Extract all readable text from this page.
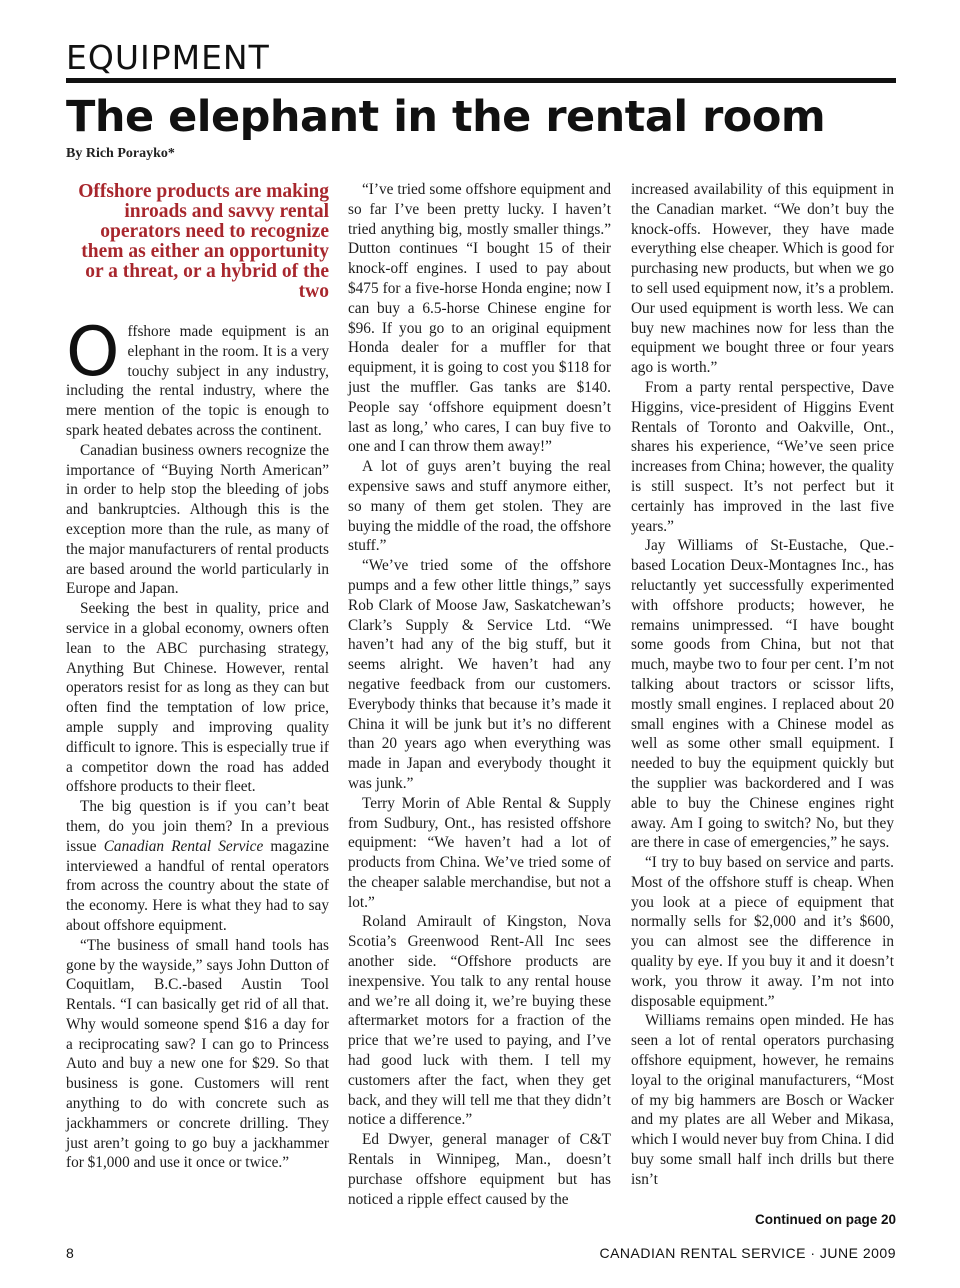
EQUIPMENT
The elephant in the rental room
By Rich Porayko*
Offshore products are making inroads and savvy rental operators need to recognize them as either an opportunity or a threat, or a hybrid of the two

Offshore made equipment is an elephant in the room. It is a very touchy subject in any industry, including the rental industry, where the mere mention of the topic is enough to spark heated debates across the continent.

Canadian business owners recognize the importance of “Buying North American” in order to help stop the bleeding of jobs and bankruptcies. Although this is the exception more than the rule, as many of the major manufacturers of rental products are based around the world particularly in Europe and Japan.

Seeking the best in quality, price and service in a global economy, owners often lean to the ABC purchasing strategy, Anything But Chinese. However, rental operators resist for as long as they can but often find the temptation of low price, ample supply and improving quality difficult to ignore. This is especially true if a competitor down the road has added offshore products to their fleet.

The big question is if you can’t beat them, do you join them? In a previous issue Canadian Rental Service magazine interviewed a handful of rental operators from across the country about the state of the economy. Here is what they had to say about offshore equipment.

“The business of small hand tools has gone by the wayside,” says John Dutton of Coquitlam, B.C.-based Austin Tool Rentals. “I can basically get rid of all that. Why would someone spend $16 a day for a reciprocating saw? I can go to Princess Auto and buy a new one for $29. So that business is gone. Customers will rent anything to do with concrete such as jackhammers or concrete drilling. They just aren’t going to go buy a jackhammer for $1,000 and use it once or twice.”

“I’ve tried some offshore equipment and so far I’ve been pretty lucky. I haven’t tried anything big, mostly smaller things.” Dutton continues “I bought 15 of their knock-off engines. I used to pay about $475 for a five-horse Honda engine; now I can buy a 6.5-horse Chinese engine for $96. If you go to an original equipment Honda dealer for a muffler for that equipment, it is going to cost you $118 for just the muffler. Gas tanks are $140. People say ‘offshore equipment doesn’t last as long,’ who cares, I can buy five to one and I can throw them away!”

A lot of guys aren’t buying the real expensive saws and stuff anymore either, so many of them get stolen. They are buying the middle of the road, the offshore stuff.”

“We’ve tried some of the offshore pumps and a few other little things,” says Rob Clark of Moose Jaw, Saskatchewan’s Clark’s Supply & Service Ltd. “We haven’t had any of the big stuff, but it seems alright. We haven’t had any negative feedback from our customers. Everybody thinks that because it’s made it China it will be junk but it’s no different than 20 years ago when everything was made in Japan and everybody thought it was junk.”

Terry Morin of Able Rental & Supply from Sudbury, Ont., has resisted offshore equipment: “We haven’t had a lot of products from China. We’ve tried some of the cheaper salable merchandise, but not a lot.”

Roland Amirault of Kingston, Nova Scotia’s Greenwood Rent-All Inc sees another side. “Offshore products are inexpensive. You talk to any rental house and we’re all doing it, we’re buying these aftermarket motors for a fraction of the price that we’re used to paying, and I’ve had good luck with them. I tell my customers after the fact, when they get back, and they will tell me that they didn’t notice a difference.”

Ed Dwyer, general manager of C&T Rentals in Winnipeg, Man., doesn’t purchase offshore equipment but has noticed a ripple effect caused by the

increased availability of this equipment in the Canadian market. “We don’t buy the knock-offs. However, they have made everything else cheaper. Which is good for purchasing new products, but when we go to sell used equipment now, it’s a problem. Our used equipment is worth less. We can buy new machines now for less than the equipment we bought three or four years ago is worth.”

From a party rental perspective, Dave Higgins, vice-president of Higgins Event Rentals of Toronto and Oakville, Ont., shares his experience, “We’ve seen price increases from China; however, the quality is still suspect. It’s not perfect but it certainly has improved in the last five years.”

Jay Williams of St-Eustache, Que.-based Location Deux-Montagnes Inc., has reluctantly yet successfully experimented with offshore products; however, he remains unimpressed. “I have bought some goods from China, but not that much, maybe two to four per cent. I’m not talking about tractors or scissor lifts, mostly small engines. I replaced about 20 small engines with a Chinese model as well as some other small equipment. I needed to buy the equipment quickly but the supplier was backordered and I was able to buy the Chinese engines right away. Am I going to switch? No, but they are there in case of emergencies,” he says.

“I try to buy based on service and parts. Most of the offshore stuff is cheap. When you look at a piece of equipment that normally sells for $2,000 and it’s $600, you can almost see the difference in quality by eye. If you buy it and it doesn’t work, you throw it away. I’m not into disposable equipment.”

Williams remains open minded. He has seen a lot of rental operators purchasing offshore equipment, however, he remains loyal to the original manufacturers, “Most of my big hammers are Bosch or Wacker and my plates are all Weber and Mikasa, which I would never buy from China. I did buy some small half inch drills but there isn’t

Continued on page 20
8	CANADIAN RENTAL SERVICE · JUNE 2009
